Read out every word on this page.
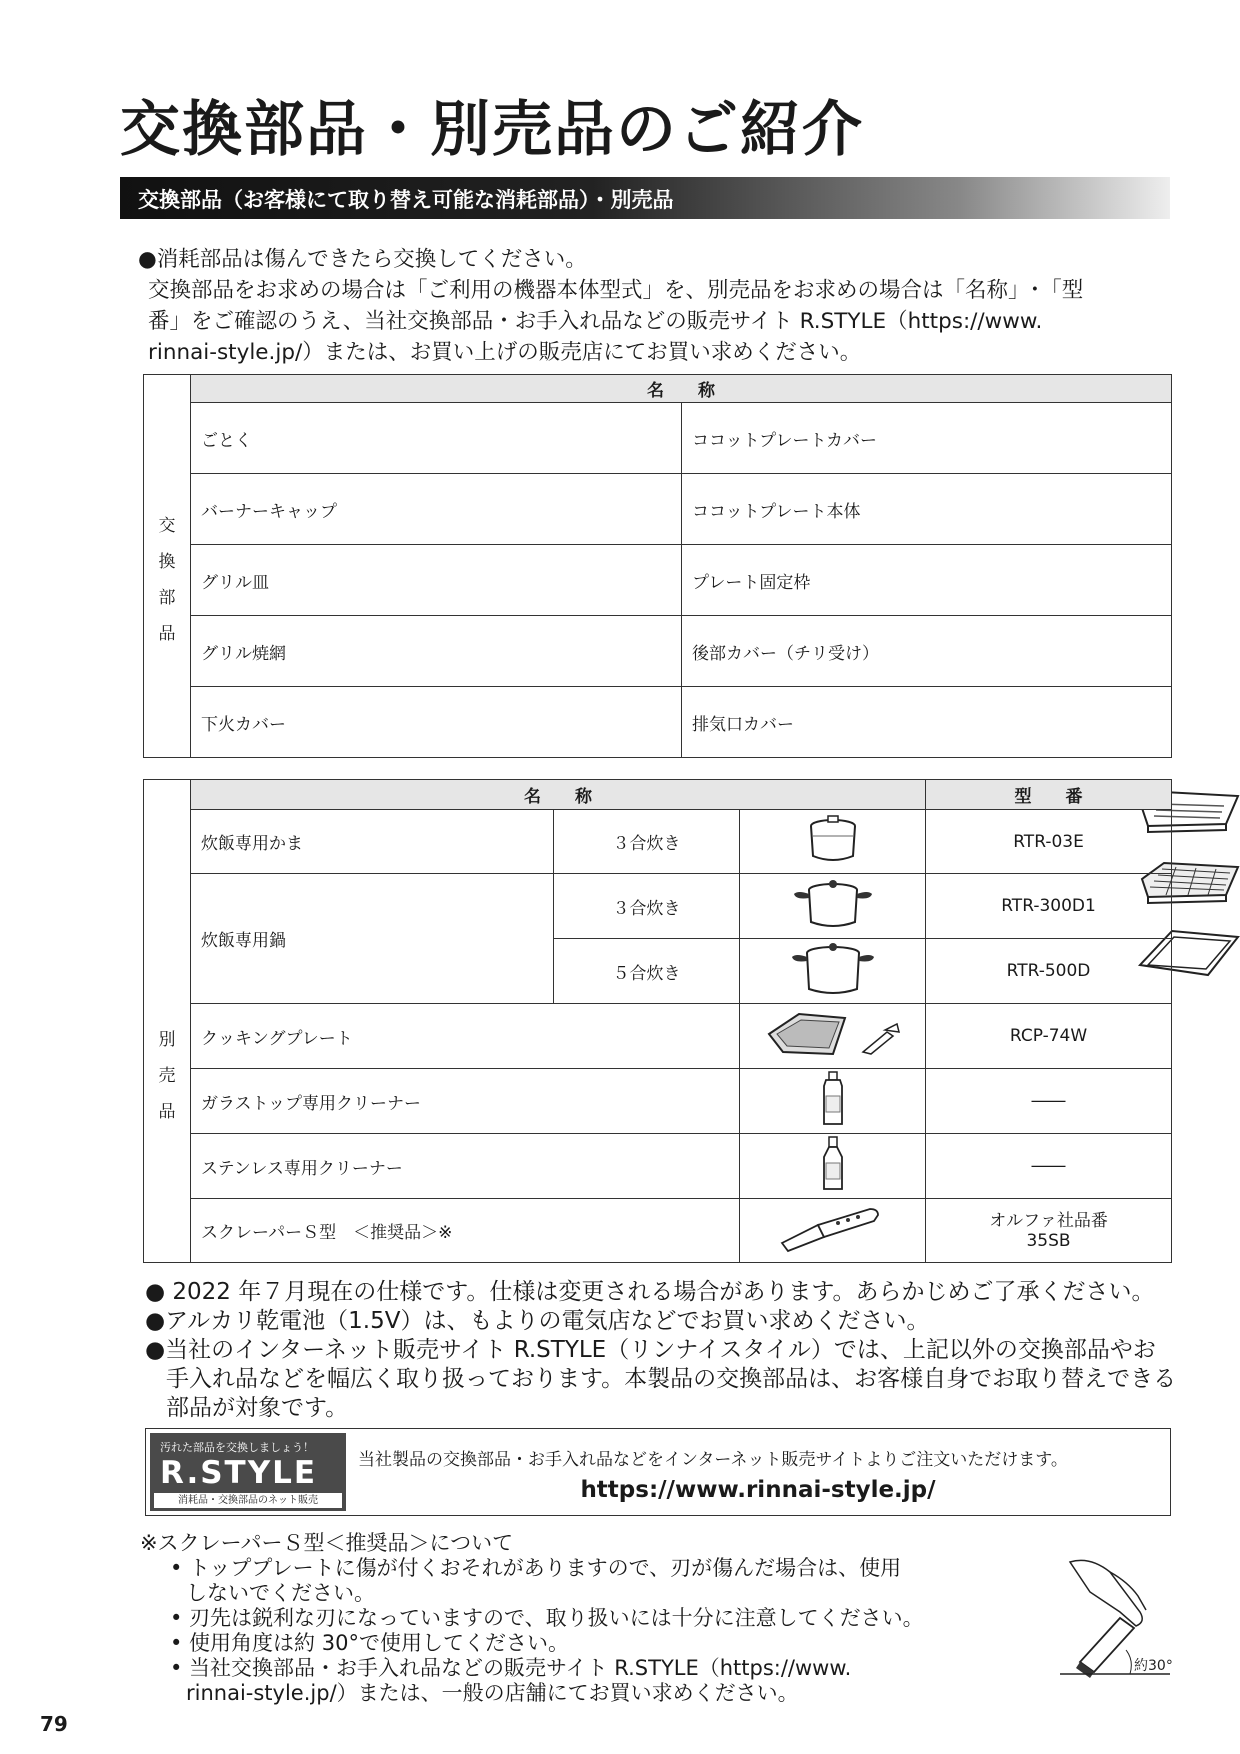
交換部品・別売品のご紹介
交換部品（お客様にて取り替え可能な消耗部品）・別売品
●消耗部品は傷んできたら交換してください。
交換部品をお求めの場合は「ご利用の機器本体型式」を、別売品をお求めの場合は「名称」･「型
番」をご確認のうえ、当社交換部品・お手入れ品などの販売サイト R.STYLE（https://www.
rinnai-style.jp/）または、お買い上げの販売店にてお買い求めください。
交
換
部
品	名　　称	
	ごとく	ココットプレートカバー

	バーナーキャップ	ココットプレート本体

	グリル皿	プレート固定枠

	グリル焼網	後部カバー（チリ受け）
	下火カバー	排気口カバー
別
売
品	名　　称			型　　番
	炊飯専用かま	３合炊き		RTR-03E
	炊飯専用鍋	３合炊き		RTR-300D1
		５合炊き		RTR-500D
	クッキングプレート			RCP-74W
	ガラストップ専用クリーナー			――
	ステンレス専用クリーナー			――
	スクレーパーＳ型　＜推奨品＞※			オルファ社品番
35SB
● 2022 年７月現在の仕様です。仕様は変更される場合があります。あらかじめご了承ください。
●アルカリ乾電池（1.5V）は、もよりの電気店などでお買い求めください。
●当社のインターネット販売サイト R.STYLE（リンナイスタイル）では、上記以外の交換部品やお
手入れ品などを幅広く取り扱っております。本製品の交換部品は、お客様自身でお取り替えできる
部品が対象です。
汚れた部品を交換しましょう！
R.STYLE
消耗品・交換部品のネット販売
当社製品の交換部品・お手入れ品などをインターネット販売サイトよりご注文いただけます。
https://www.rinnai-style.jp/
※スクレーパーＳ型＜推奨品＞について
• トッププレートに傷が付くおそれがありますので、刃が傷んだ場合は、使用
しないでください。
• 刃先は鋭利な刃になっていますので、取り扱いには十分に注意してください。
• 使用角度は約 30°で使用してください。
• 当社交換部品・お手入れ品などの販売サイト R.STYLE（https://www.
rinnai-style.jp/）または、一般の店舗にてお買い求めください。
約30°
79
